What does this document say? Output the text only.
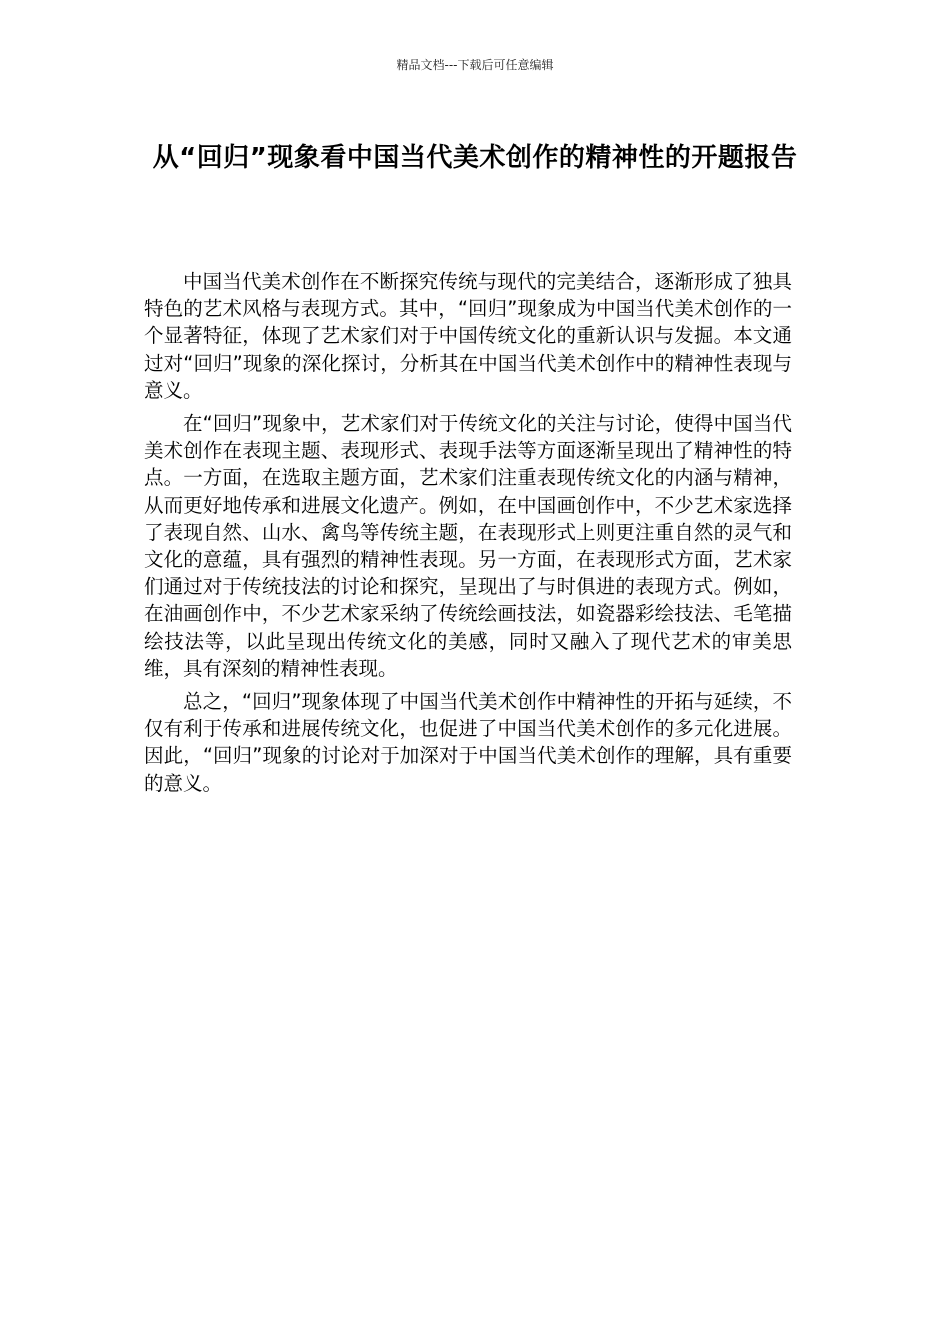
精品文档---下载后可任意编辑
从“回归”现象看中国当代美术创作的精神性的开题报告

中国当代美术创作在不断探究传统与现代的完美结合，逐渐形成了独具特色的艺术风格与表现方式。其中，“回归”现象成为中国当代美术创作的一个显著特征，体现了艺术家们对于中国传统文化的重新认识与发掘。本文通过对“回归”现象的深化探讨，分析其在中国当代美术创作中的精神性表现与意义。

在“回归”现象中，艺术家们对于传统文化的关注与讨论，使得中国当代美术创作在表现主题、表现形式、表现手法等方面逐渐呈现出了精神性的特点。一方面，在选取主题方面，艺术家们注重表现传统文化的内涵与精神，从而更好地传承和进展文化遗产。例如，在中国画创作中，不少艺术家选择了表现自然、山水、禽鸟等传统主题，在表现形式上则更注重自然的灵气和文化的意蕴，具有强烈的精神性表现。另一方面，在表现形式方面，艺术家们通过对于传统技法的讨论和探究，呈现出了与时俱进的表现方式。例如，在油画创作中，不少艺术家采纳了传统绘画技法，如瓷器彩绘技法、毛笔描绘技法等，以此呈现出传统文化的美感，同时又融入了现代艺术的审美思维，具有深刻的精神性表现。

总之，“回归”现象体现了中国当代美术创作中精神性的开拓与延续，不仅有利于传承和进展传统文化，也促进了中国当代美术创作的多元化进展。因此，“回归”现象的讨论对于加深对于中国当代美术创作的理解，具有重要的意义。
